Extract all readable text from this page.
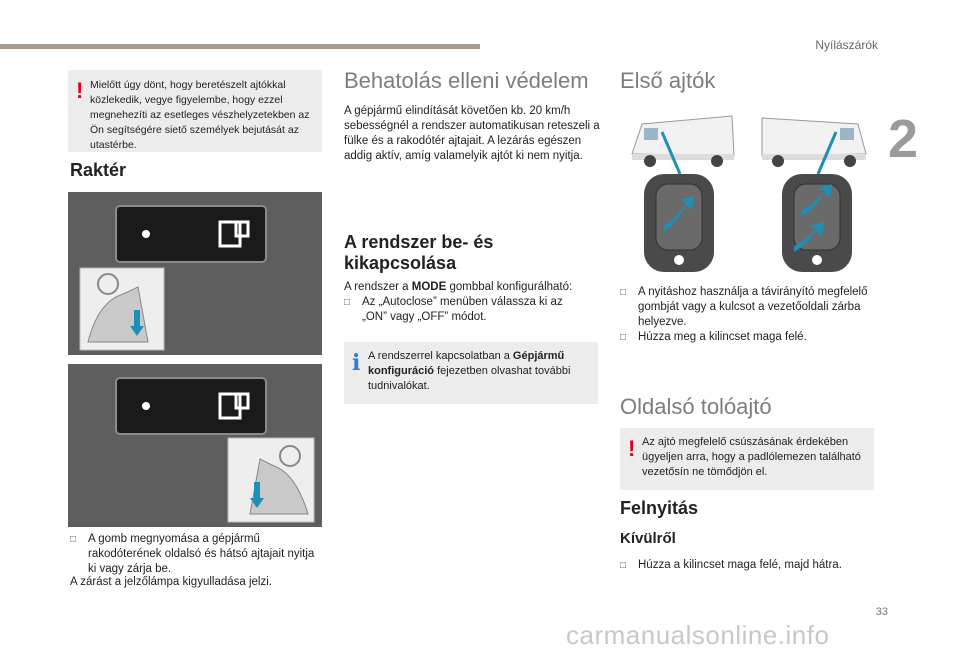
Nyílászárók
2
! Mielőtt úgy dönt, hogy beretészelt ajtókkal közlekedik, vegye figyelembe, hogy ezzel megnehezíti az esetleges vészhelyzetekben az Ön segítségére siető személyek bejutását az utastérbe.
Raktér
□ A gomb megnyomása a gépjármű rakodóterének oldalsó és hátsó ajtajait nyitja ki vagy zárja be.
A zárást a jelzőlámpa kigyulladása jelzi.
Behatolás elleni védelem
A gépjármű elindítását követően kb. 20 km/h sebességnél a rendszer automatikusan reteszeli a fülke és a rakodótér ajtajait. A lezárás egészen addig aktív, amíg valamelyik ajtót ki nem nyitja.
A rendszer be- és kikapcsolása
A rendszer a MODE gombbal konfigurálható:
□ Az „Autoclose” menüben válassza ki az „ON” vagy „OFF” módot.
i A rendszerrel kapcsolatban a Gépjármű konfiguráció fejezetben olvashat további tudnivalókat.
Első ajtók
□ A nyitáshoz használja a távirányító megfelelő gombját vagy a kulcsot a vezetőoldali zárba helyezve.
□ Húzza meg a kilincset maga felé.
Oldalsó tolóajtó
! Az ajtó megfelelő csúszásának érdekében ügyeljen arra, hogy a padlólemezen található vezetősín ne tömődjön el.
Felnyitás
Kívülről
□ Húzza a kilincset maga felé, majd hátra.
33
carmanualsonline.info
